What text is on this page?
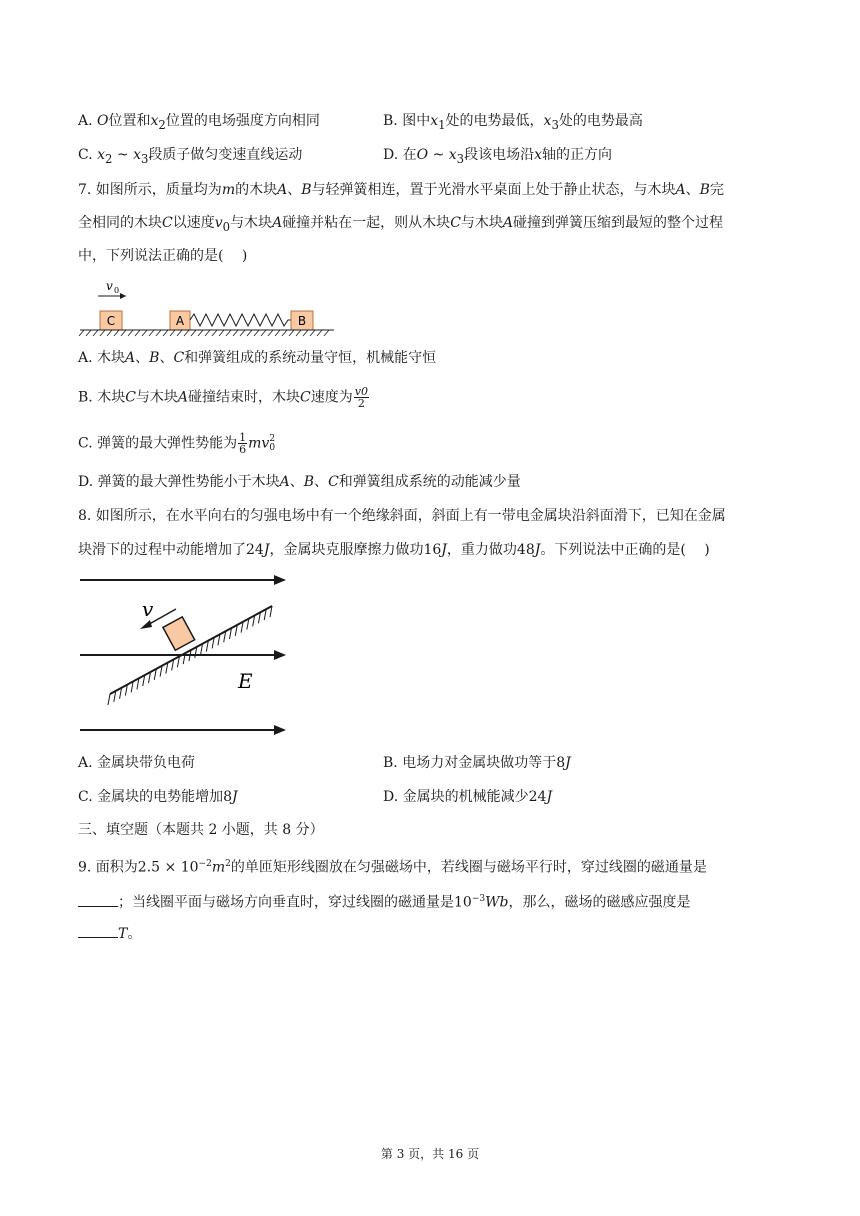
A. O位置和$x_2$位置的电场强度方向相同	B. 图中$x_1$处的电势最低，$x_3$处的电势最高
C. $x_2$ ~ $x_3$段质子做匀变速直线运动	D. 在O ~ $x_3$段该电场沿x轴的正方向
7. 如图所示，质量均为m的木块A、B与轻弹簧相连，置于光滑水平桌面上处于静止状态，与木块A、B完
全相同的木块C以速度$v_0$与木块A碰撞并粘在一起，则从木块C与木块A碰撞到弹簧压缩到最短的整个过程
中，下列说法正确的是(　 )
v 0
C	A	B
A. 木块A、B、C和弹簧组成的系统动量守恒，机械能守恒
B. 木块C与木块A碰撞结束时，木块C速度为 $\frac{v0}{2}$
C. 弹簧的最大弹性势能为 $\frac{1}{6}$ mv 2
0
D. 弹簧的最大弹性势能小于木块A、B、C和弹簧组成系统的动能减少量
8. 如图所示，在水平向右的匀强电场中有一个绝缘斜面，斜面上有一带电金属块沿斜面滑下，已知在金属
块滑下的过程中动能增加了24J，金属块克服摩擦力做功16J，重力做功48J。下列说法中正确的是(　 )
v
E
A. 金属块带负电荷	B. 电场力对金属块做功等于8J
C. 金属块的电势能增加8J	D. 金属块的机械能减少24J
三、填空题（本题共 2 小题，共 8 分）
9. 面积为$2.5 \times 10^{-2}m^2$的单匝矩形线圈放在匀强磁场中，若线圈与磁场平行时，穿过线圈的磁通量是
；当线圈平面与磁场方向垂直时，穿过线圈的磁通量是$10^{-3}Wb$，那么，磁场的磁感应强度是
T。
第 3 页，共 16 页
